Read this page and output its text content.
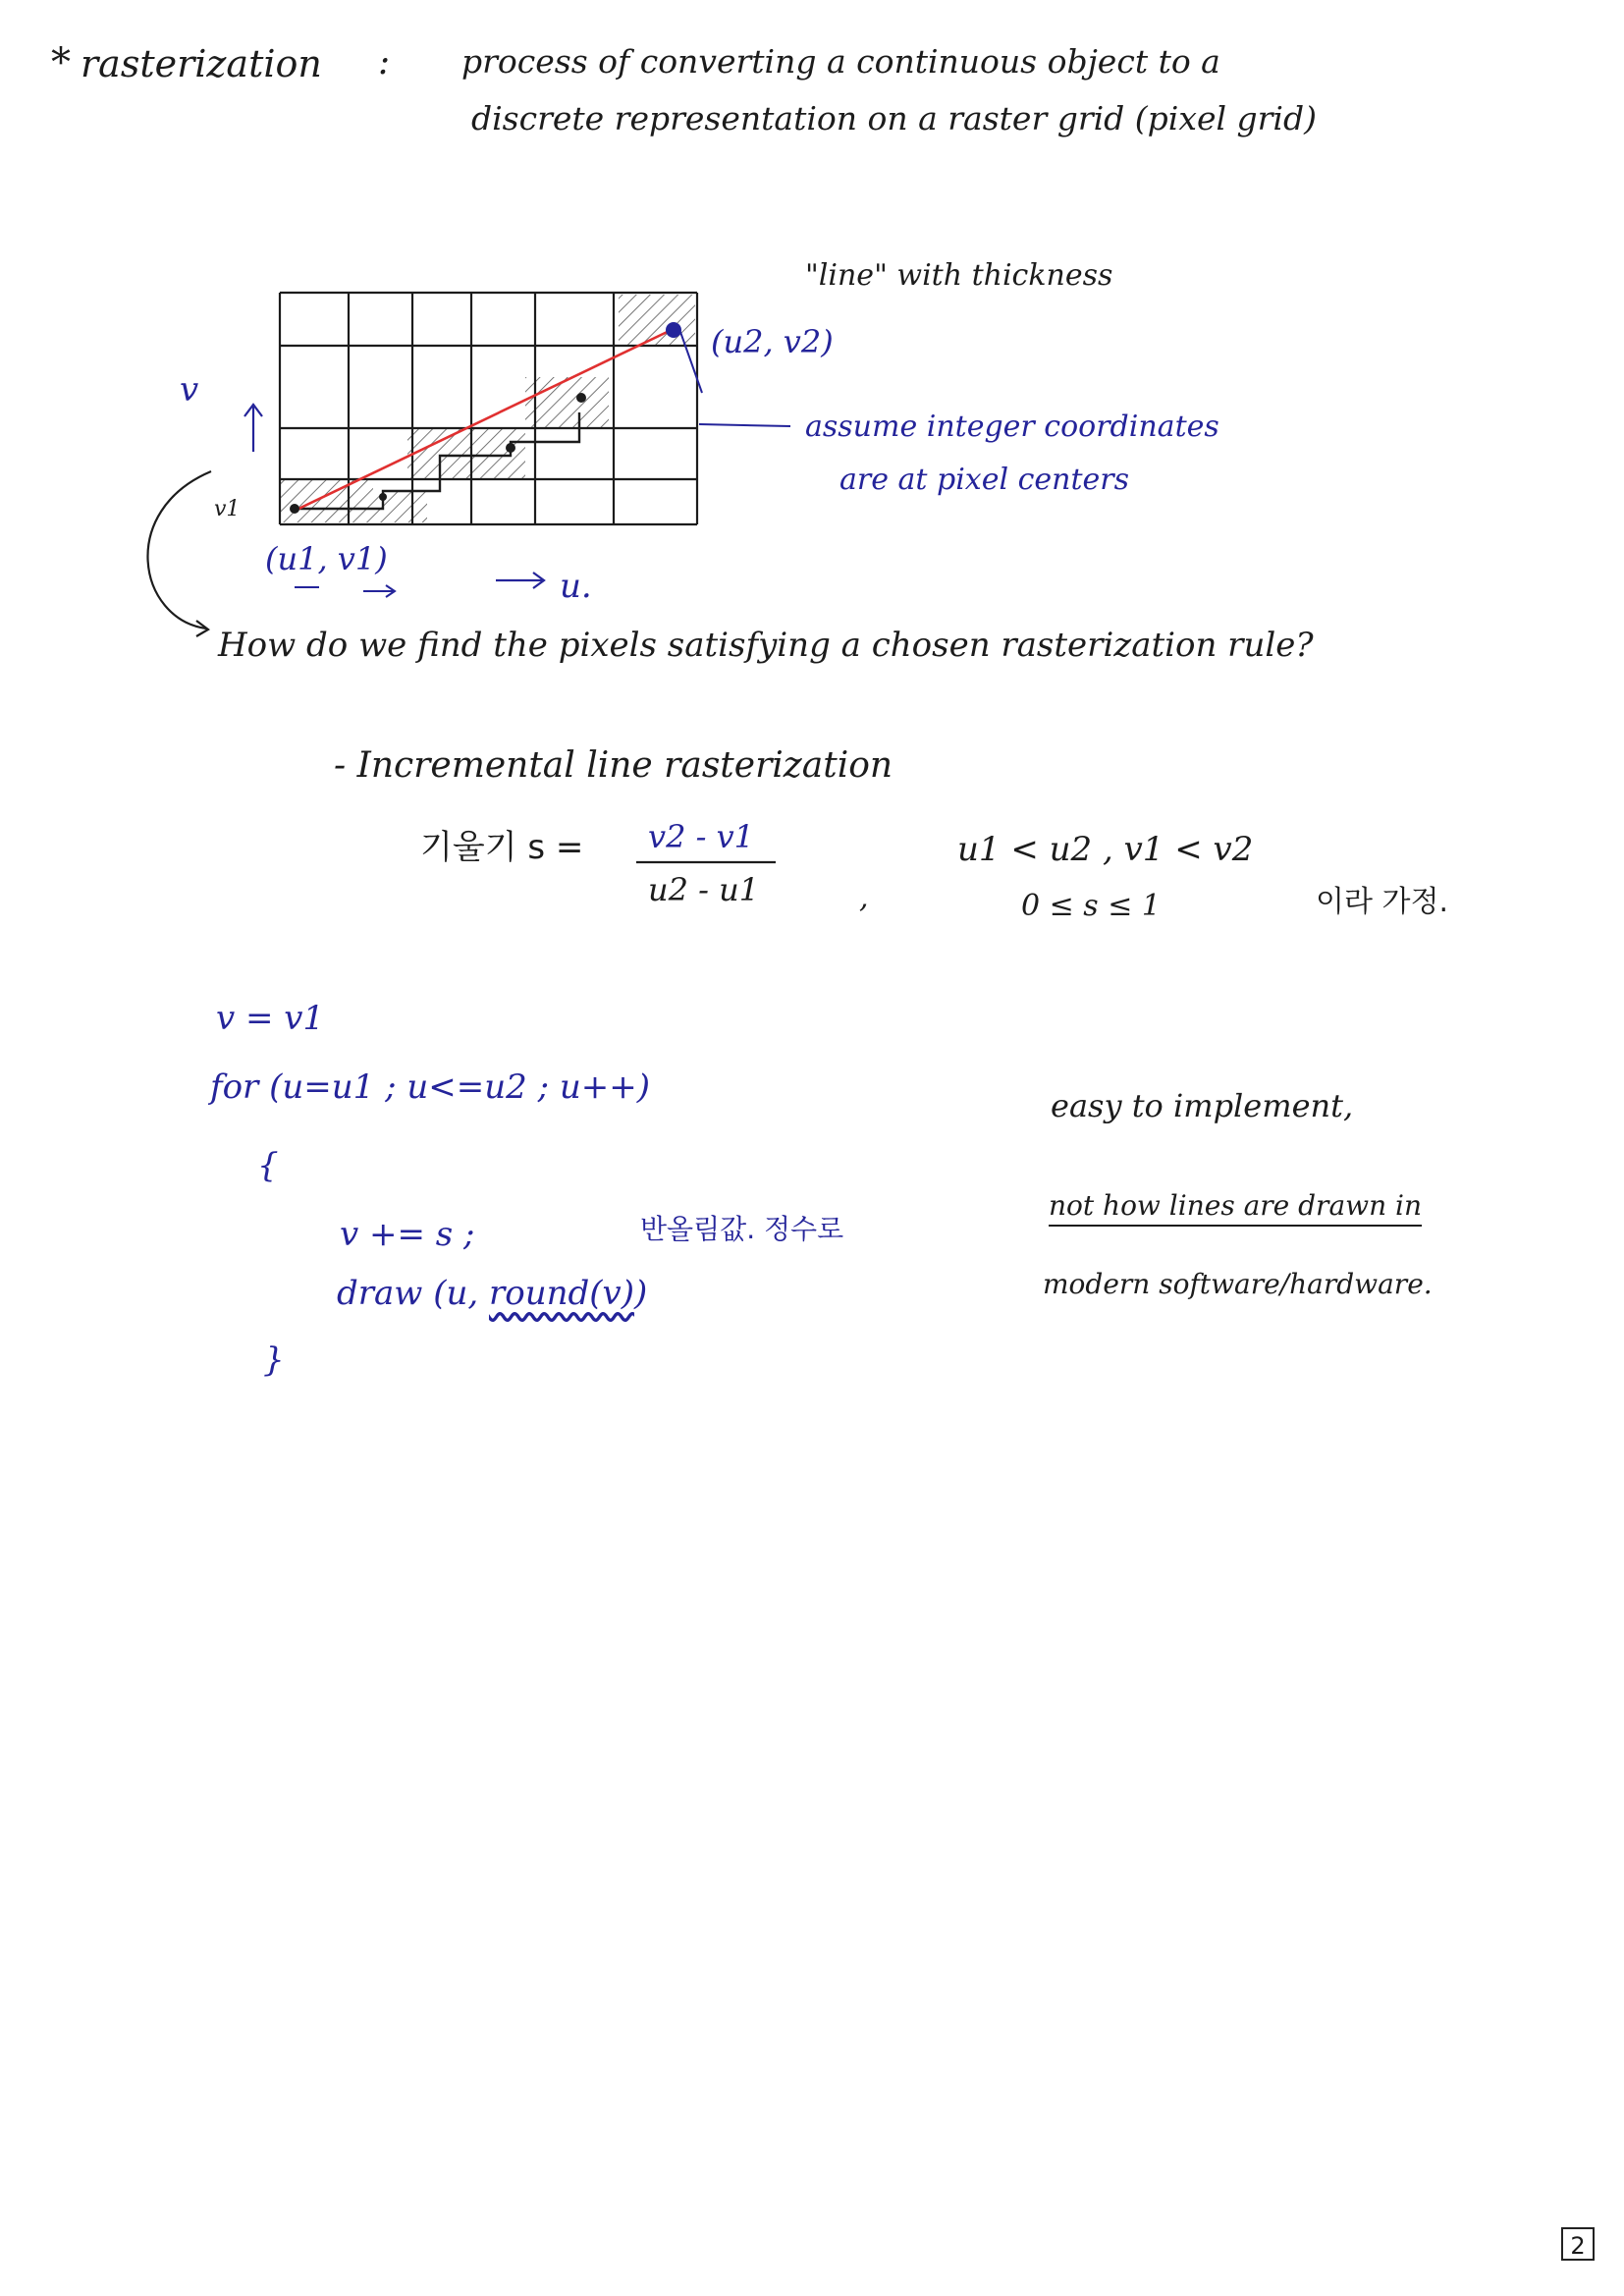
* rasterization : process of converting a continuous object to a
discrete representation on a raster grid (pixel grid)
"line" with thickness
(u2, v2)
(u1, v1)
v
v1
u.
assume integer coordinates
are at pixel centers
How do we find the pixels satisfying a chosen rasterization rule?
- Incremental line rasterization
기울기 s = v2 - v1
u2 - u1	,
u1 < u2 , v1 < v2
0 ≤ s ≤ 1	이라 가정.
v = v1
for (u=u1 ; u<=u2 ; u++)
{
v += s ;	반올림값. 정수로
draw (u, round(v))
}
easy to implement,
not how lines are drawn in
modern software/hardware.
2
